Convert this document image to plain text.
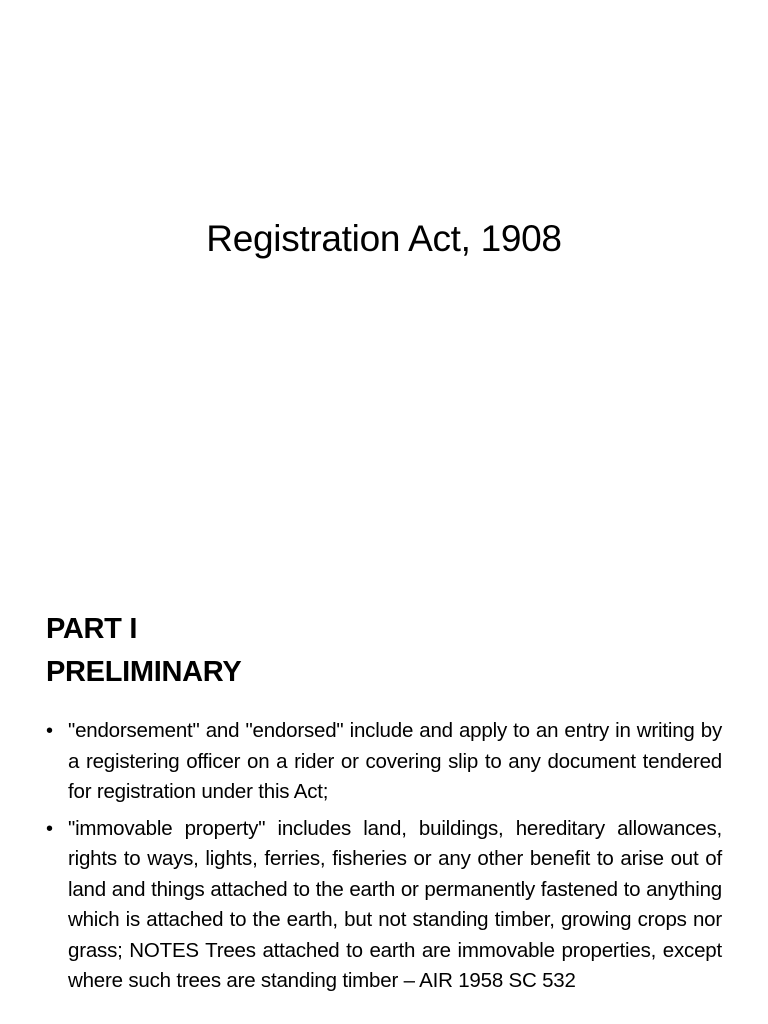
Registration Act, 1908
PART I
PRELIMINARY
• "endorsement" and "endorsed" include and apply to an entry in writing by a registering officer on a rider or covering slip to any document tendered for registration under this Act;
• "immovable property" includes land, buildings, hereditary allowances, rights to ways, lights, ferries, fisheries or any other benefit to arise out of land and things attached to the earth or permanently fastened to anything which is attached to the earth, but not standing timber, growing crops nor grass; NOTES Trees attached to earth are immovable properties, except where such trees are standing timber – AIR 1958 SC 532
